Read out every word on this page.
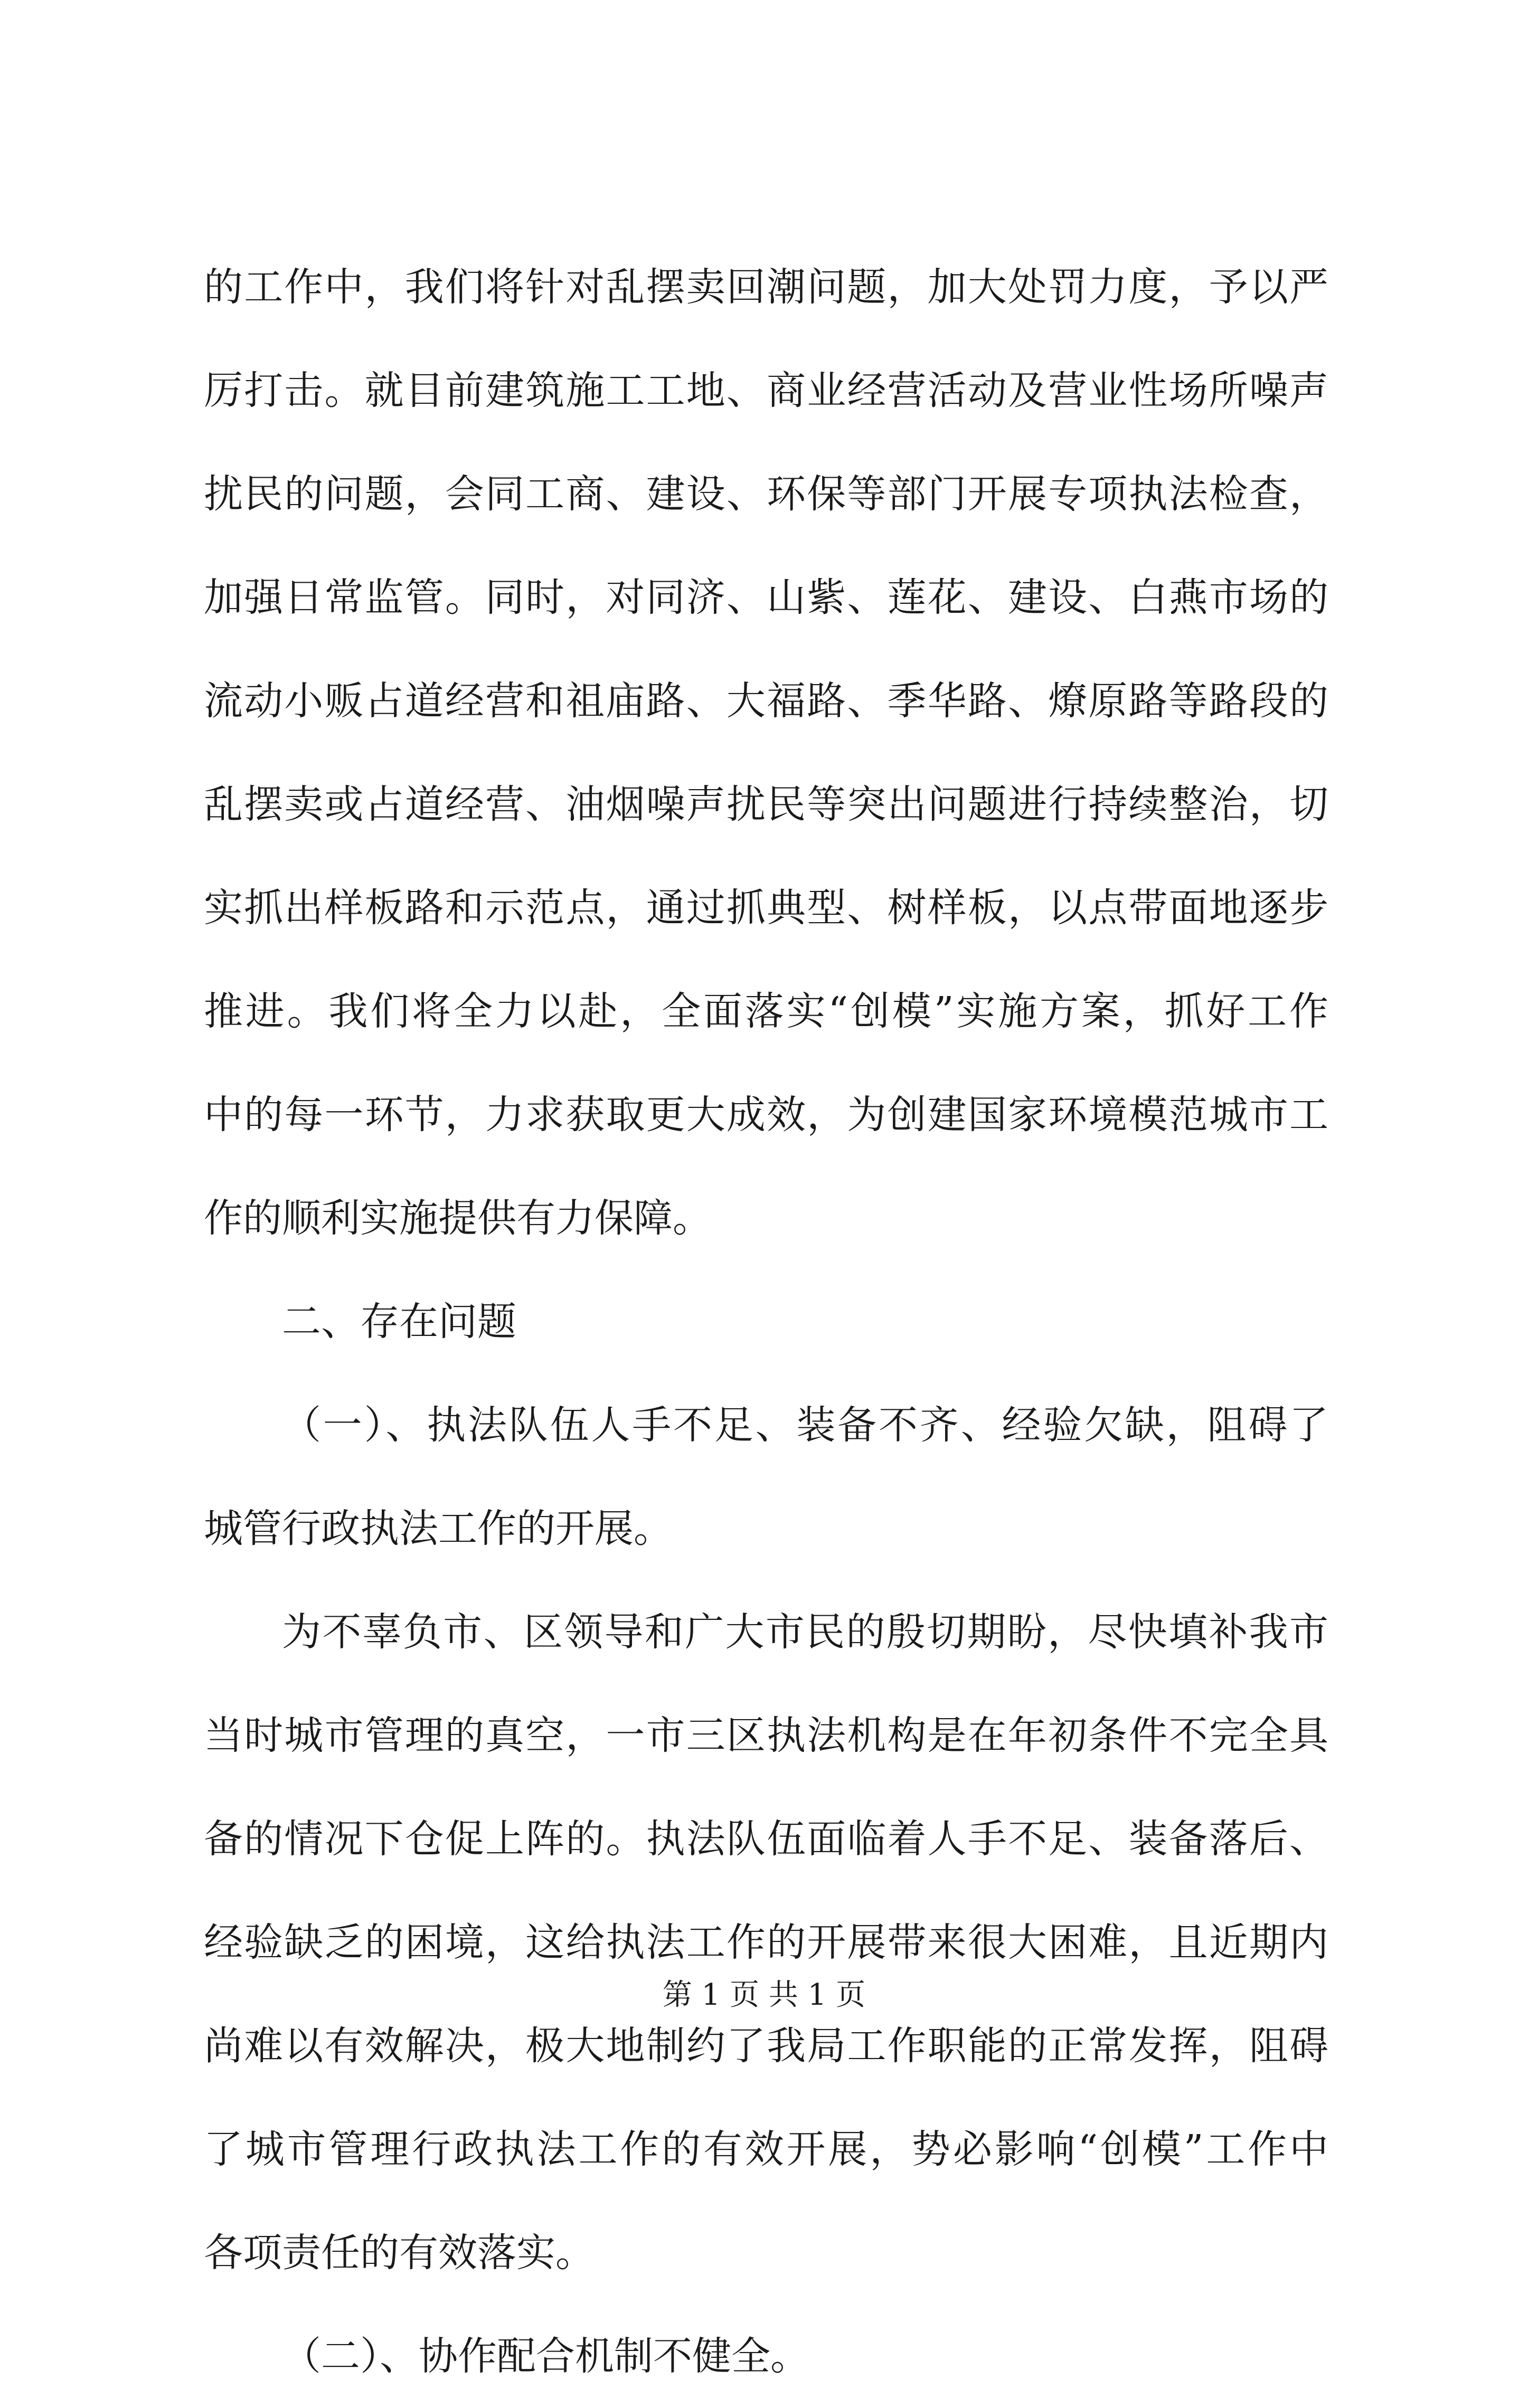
的工作中，我们将针对乱摆卖回潮问题，加大处罚力度，予以严
厉打击。就目前建筑施工工地、商业经营活动及营业性场所噪声
扰民的问题，会同工商、建设、环保等部门开展专项执法检查，
加强日常监管。同时，对同济、山紫、莲花、建设、白燕市场的
流动小贩占道经营和祖庙路、大福路、季华路、燎原路等路段的
乱摆卖或占道经营、油烟噪声扰民等突出问题进行持续整治，切
实抓出样板路和示范点，通过抓典型、树样板，以点带面地逐步
推进。我们将全力以赴，全面落实“创模”实施方案，抓好工作
中的每一环节，力求获取更大成效，为创建国家环境模范城市工
作的顺利实施提供有力保障。
二、存在问题
（一）、执法队伍人手不足、装备不齐、经验欠缺，阻碍了
城管行政执法工作的开展。
为不辜负市、区领导和广大市民的殷切期盼，尽快填补我市
当时城市管理的真空，一市三区执法机构是在年初条件不完全具
备的情况下仓促上阵的。执法队伍面临着人手不足、装备落后、
经验缺乏的困境，这给执法工作的开展带来很大困难，且近期内
尚难以有效解决，极大地制约了我局工作职能的正常发挥，阻碍
了城市管理行政执法工作的有效开展，势必影响“创模”工作中
各项责任的有效落实。
（二）、协作配合机制不健全。
第 1 页 共 1 页
